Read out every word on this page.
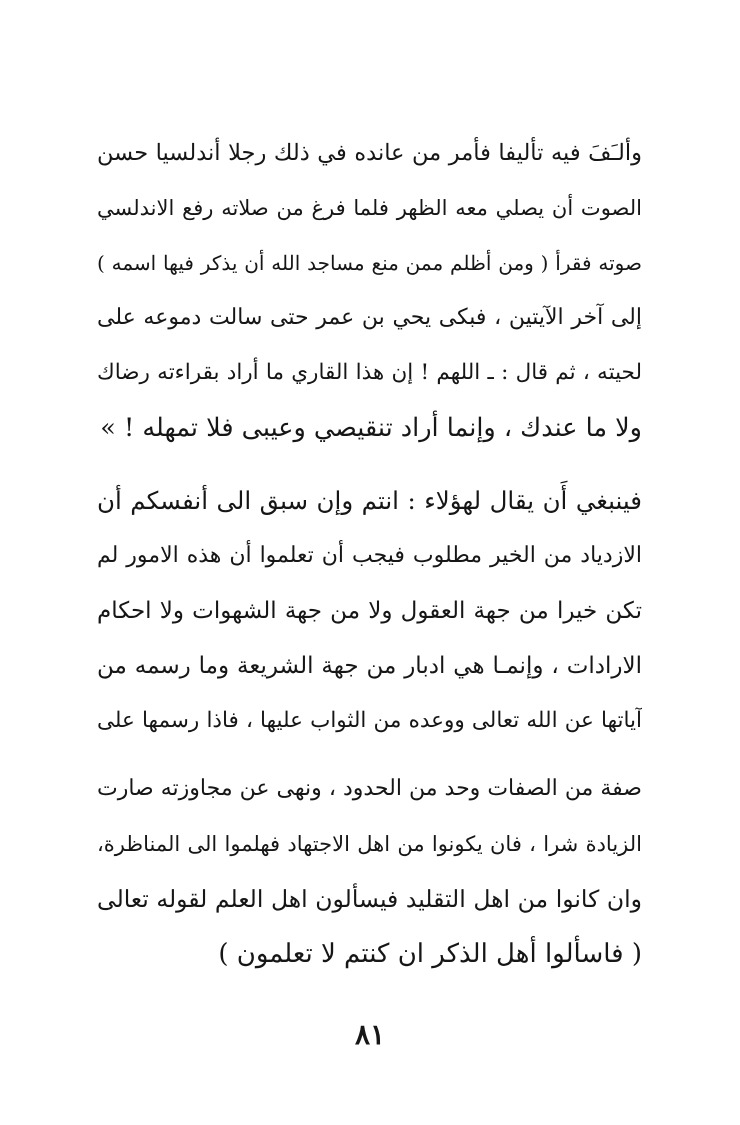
وألـَفَ فيه تأليفا فأمر من عانده في ذلك رجلا أندلسيا حسن
الصوت أن يصلي معه الظهر فلما فرغ من صلاته رفع الاندلسي
صوته فقرأ ( ومن أظلم ممن منع مساجد الله أن يذكر فيها اسمه )
إلى آخر الآيتين ، فبكى يحي بن عمر حتى سالت دموعه على
لحيته ، ثم قال : ـ اللهم ! إن هذا القاري ما أراد بقراءته رضاك
ولا ما عندك ، وإنما أراد تنقيصي وعيبى فلا تمهله ! »
فينبغي أَن يقال لهؤلاء : انتم وإن سبق الى أنفسكم أن
الازدياد من الخير مطلوب فيجب أن تعلموا أن هذه الامور لم
تكن خيرا من جهة العقول ولا من جهة الشهوات ولا احكام
الارادات ، وإنمـا هي ادبار من جهة الشريعة وما رسمه من
آياتها عن الله تعالى ووعده من الثواب عليها ، فاذا رسمها على
صفة من الصفات وحد من الحدود ، ونهى عن مجاوزته صارت
الزيادة شرا ، فان يكونوا من اهل الاجتهاد فهلموا الى المناظرة،
وان كانوا من اهل التقليد فيسألون اهل العلم لقوله تعالى
( فاسألوا أهل الذكر ان كنتم لا تعلمون )
٨١
